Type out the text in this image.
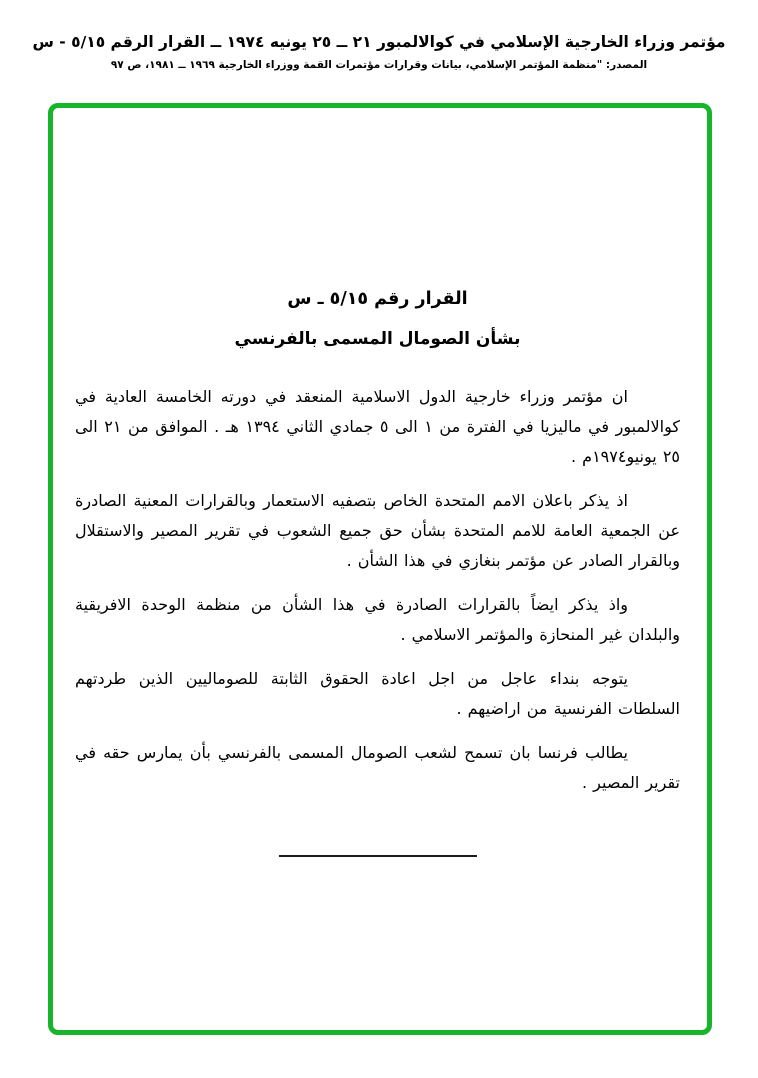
مؤتمر وزراء الخارجية الإسلامي في كوالالمبور ٢١ ــ ٢٥ يونيه ١٩٧٤ ــ القرار الرقم ٥/١٥ - س
المصدر: "منظمة المؤتمر الإسلامي، بيانات وقرارات مؤتمرات القمة ووزراء الخارجية ١٩٦٩ ــ ١٩٨١، ص ٩٧
القرار رقم ٥/١٥ ـ س
بشأن الصومال المسمى بالفرنسي

ان مؤتمر وزراء خارجية الدول الاسلامية المنعقد في دورته الخامسة العادية في كوالالمبور في ماليزيا في الفترة من ١ الى ٥ جمادي الثاني ١٣٩٤ هـ . الموافق من ٢١ الى ٢٥ يونيو١٩٧٤م .

اذ يذكر باعلان الامم المتحدة الخاص بتصفيه الاستعمار وبالقرارات المعنية الصادرة عن الجمعية العامة للامم المتحدة بشأن حق جميع الشعوب في تقرير المصير والاستقلال وبالقرار الصادر عن مؤتمر بنغازي في هذا الشأن .

واذ يذكر ايضاً بالقرارات الصادرة في هذا الشأن من منظمة الوحدة الافريقية والبلدان غير المنحازة والمؤتمر الاسلامي .

يتوجه بنداء عاجل من اجل اعادة الحقوق الثابتة للصوماليين الذين طردتهم السلطات الفرنسية من اراضيهم .

يطالب فرنسا بان تسمح لشعب الصومال المسمى بالفرنسي بأن يمارس حقه في تقرير المصير .
